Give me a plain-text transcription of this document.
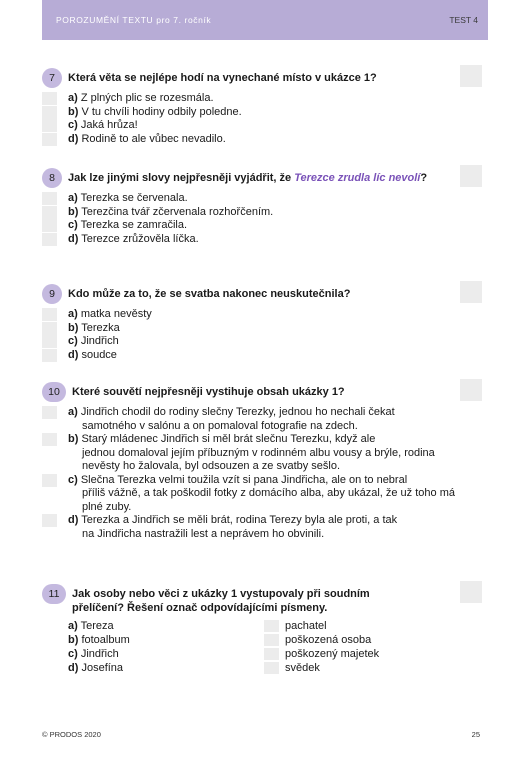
POROZUMĚNÍ TEXTU pro 7. ročník	TEST 4
7	Která věta se nejlépe hodí na vynechané místo v ukázce 1?
a) Z plných plic se rozesmála.
b) V tu chvíli hodiny odbily poledne.
c) Jaká hrůza!
d) Rodině to ale vůbec nevadilo.
8	Jak lze jinými slovy nejpřesněji vyjádřit, že Terezce zrudla líc nevolí?
a) Terezka se červenala.
b) Terezčina tvář zčervenala rozhořčením.
c) Terezka se zamračila.
d) Terezce zrůžověla líčka.
9	Kdo může za to, že se svatba nakonec neuskutečnila?
a) matka nevěsty
b) Terezka
c) Jindřich
d) soudce
10	Které souvětí nejpřesněji vystihuje obsah ukázky 1?
a) Jindřich chodil do rodiny slečny Terezky, jednou ho nechali čekat
samotného v salónu a on pomaloval fotografie na zdech.
b) Starý mládenec Jindřich si měl brát slečnu Terezku, když ale
jednou domaloval jejím příbuzným v rodinném albu vousy a brýle, rodina nevěsty ho žalovala, byl odsouzen a ze svatby sešlo.
c) Slečna Terezka velmi toužila vzít si pana Jindřicha, ale on to nebral
příliš vážně, a tak poškodil fotky z domácího alba, aby ukázal, že už toho má plné zuby.
d) Terezka a Jindřich se měli brát, rodina Terezy byla ale proti, a tak
na Jindřicha nastražili lest a neprávem ho obvinili.
11	Jak osoby nebo věci z ukázky 1 vystupovaly při soudním
přelíčení? Řešení označ odpovídajícími písmeny.
a) Tereza	pachatel
b) fotoalbum	poškozená osoba
c) Jindřich	poškozený majetek
d) Josefína	svědek
© PRODOS 2020	25
